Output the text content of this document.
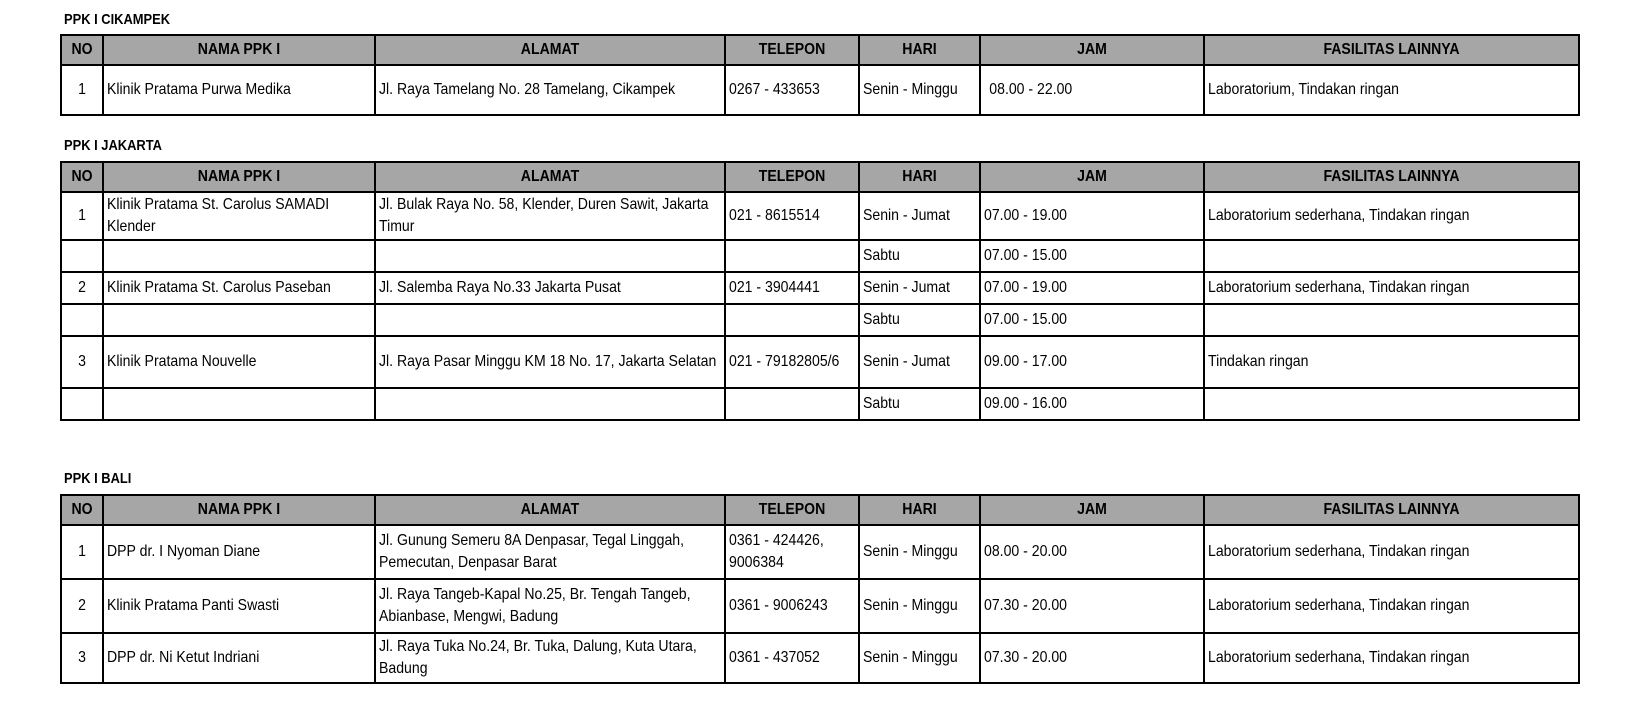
PPK I CIKAMPEK
NO	NAMA PPK I	ALAMAT	TELEPON	HARI	JAM	FASILITAS LAINNYA

1	Klinik Pratama Purwa Medika	Jl. Raya Tamelang No. 28 Tamelang, Cikampek	0267 - 433653	Senin - Minggu	08.00 - 22.00	Laboratorium, Tindakan ringan
PPK I JAKARTA
NO	NAMA PPK I	ALAMAT	TELEPON	HARI	JAM	FASILITAS LAINNYA

1	Klinik Pratama St. Carolus SAMADI Klender	Jl. Bulak Raya No. 58, Klender, Duren Sawit, Jakarta Timur	021 - 8615514	Senin - Jumat	07.00 - 19.00	Laboratorium sederhana, Tindakan ringan

				Sabtu	07.00 - 15.00	

2	Klinik Pratama St. Carolus Paseban	Jl. Salemba Raya No.33 Jakarta Pusat	021 - 3904441	Senin - Jumat	07.00 - 19.00	Laboratorium sederhana, Tindakan ringan

				Sabtu	07.00 - 15.00	

3	Klinik Pratama Nouvelle	Jl. Raya Pasar Minggu KM 18 No. 17, Jakarta Selatan	021 - 79182805/6	Senin - Jumat	09.00 - 17.00	Tindakan ringan

				Sabtu	09.00 - 16.00	

PPK I BALI
NO	NAMA PPK I	ALAMAT	TELEPON	HARI	JAM	FASILITAS LAINNYA

1	DPP dr. I Nyoman Diane	Jl. Gunung Semeru 8A Denpasar, Tegal Linggah, Pemecutan, Denpasar Barat	0361 - 424426, 9006384	Senin - Minggu	08.00 - 20.00	Laboratorium sederhana, Tindakan ringan

2	Klinik Pratama Panti Swasti	Jl. Raya Tangeb-Kapal No.25, Br. Tengah Tangeb, Abianbase, Mengwi, Badung	0361 - 9006243	Senin - Minggu	07.30 - 20.00	Laboratorium sederhana, Tindakan ringan

3	DPP dr. Ni Ketut Indriani	Jl. Raya Tuka No.24, Br. Tuka, Dalung, Kuta Utara, Badung	0361 - 437052	Senin - Minggu	07.30 - 20.00	Laboratorium sederhana, Tindakan ringan
